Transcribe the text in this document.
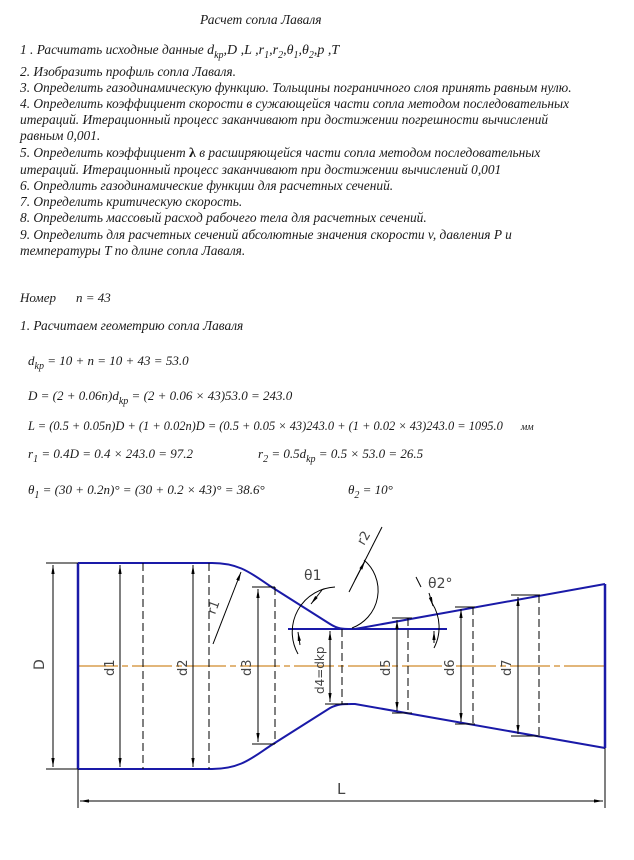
Расчет сопла Лаваля
1 . Расчитать исходные данные $d_{kp},D$ ,L $,r_1,r_2,\theta_1,\theta_2,p$ ,T
2. Изобразить профиль сопла Лаваля.
3. Определить газодинамическую функцию. Тольщины пограничного слоя принять равным нулю.
4. Определить коэффициент скорости в сужающейся части сопла методом последовательных
итераций. Итерационный процесс заканчивают при достижении погрешности вычислений
равным 0,001.
5. Определить коэффициент λ в расширяющейся части сопла методом последовательных
итераций. Итерационный процесс заканчивают при достижении вычислений 0,001
6. Опредлить газодинамические функции для расчетных сечений.
7. Определить критическую скорость.
8. Определить массовый расход рабочего тела для расчетных сечений.
9. Определить для расчетных сечений абсолютные значения скорости v, давления P и
температуры T по длине сопла Лаваля.
Номер n = 43
1. Расчитаем геометрию сопла Лаваля
$d_{kp} = 10 + n = 10 + 43 = 53.0$
$D = (2 + 0.06n)d_{kp} = (2 + 0.06 \times 43)53.0 = 243.0$
L = (0.5 + 0.05n)D + (1 + 0.02n)D = (0.5 + 0.05 × 43)243.0 + (1 + 0.02 × 43)243.0 = 1095.0 мм
$r_1 = 0.4D = 0.4 \times 243.0 = 97.2$	$r_2 = 0.5d_{kp} = 0.5 \times 53.0 = 26.5$
$\theta_1 = (30 + 0.2n)^\circ = (30 + 0.2 \times 43)^\circ = 38.6^\circ$	$\theta_2 = 10^\circ$
D
L
d1	d2
r1
d3	d4=dkp
θ1
r2
d5
θ2°
d6	d7
